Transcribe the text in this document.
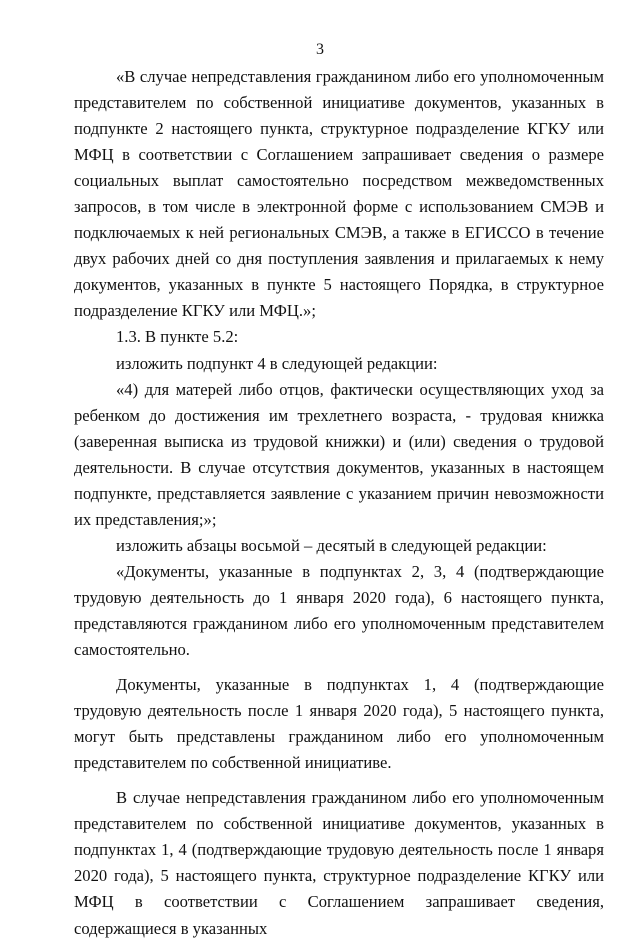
3

«В случае непредставления гражданином либо его уполномоченным представителем по собственной инициативе документов, указанных в подпункте 2 настоящего пункта, структурное подразделение КГКУ или МФЦ в соответствии с Соглашением запрашивает сведения о размере социальных выплат самостоятельно посредством межведомственных запросов, в том числе в электронной форме с использованием СМЭВ и подключаемых к ней региональных СМЭВ, а также в ЕГИССО в течение двух рабочих дней со дня поступления заявления и прилагаемых к нему документов, указанных в пункте 5 настоящего Порядка, в структурное подразделение КГКУ или МФЦ.»;

1.3. В пункте 5.2:

изложить подпункт 4 в следующей редакции:

«4) для матерей либо отцов, фактически осуществляющих уход за ребенком до достижения им трехлетнего возраста, - трудовая книжка (заверенная выписка из трудовой книжки) и (или) сведения о трудовой деятельности. В случае отсутствия документов, указанных в настоящем подпункте, представляется заявление с указанием причин невозможности их представления;»;

изложить абзацы восьмой – десятый в следующей редакции:

«Документы, указанные в подпунктах 2, 3, 4 (подтверждающие трудовую деятельность до 1 января 2020 года), 6 настоящего пункта, представляются гражданином либо его уполномоченным представителем самостоятельно.

Документы, указанные в подпунктах 1, 4 (подтверждающие трудовую деятельность после 1 января 2020 года), 5 настоящего пункта, могут быть представлены гражданином либо его уполномоченным представителем по собственной инициативе.

В случае непредставления гражданином либо его уполномоченным представителем по собственной инициативе документов, указанных в подпунктах 1, 4 (подтверждающие трудовую деятельность после 1 января 2020 года), 5 настоящего пункта, структурное подразделение КГКУ или МФЦ в соответствии с Соглашением запрашивает сведения, содержащиеся в указанных
